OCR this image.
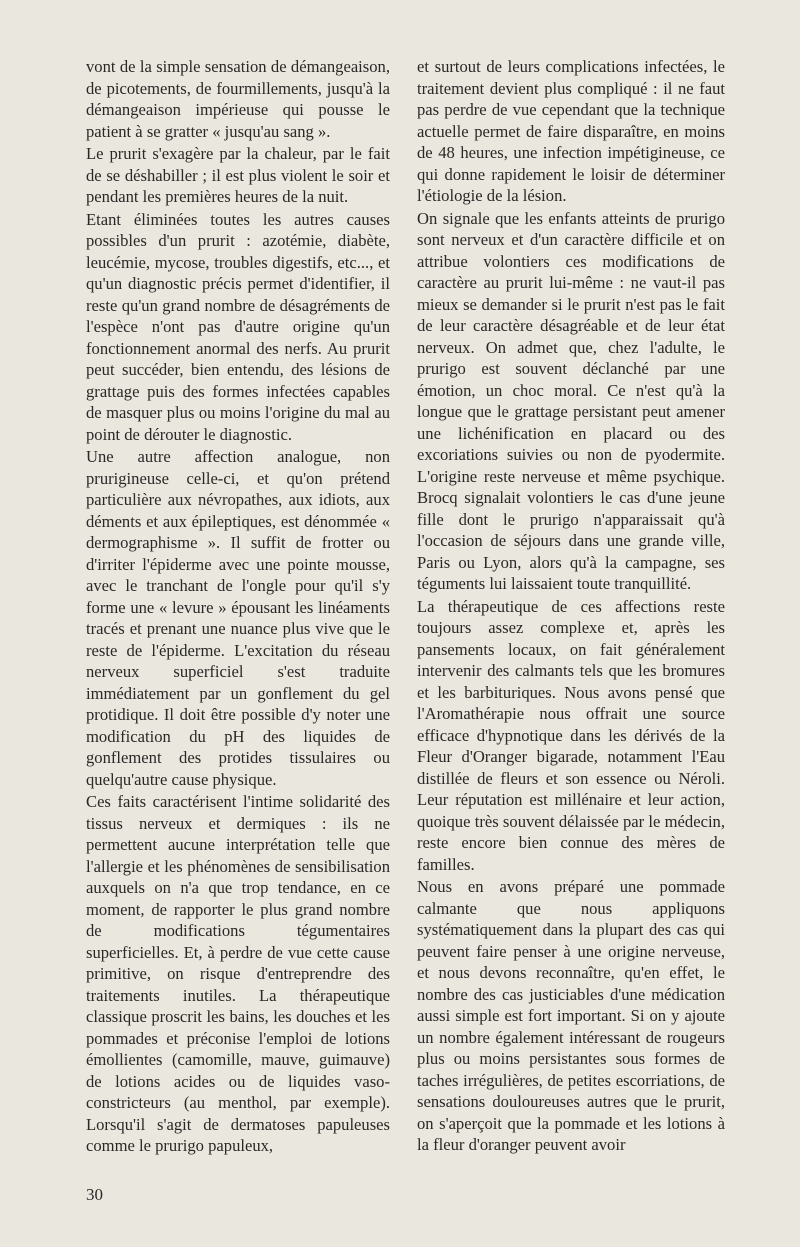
vont de la simple sensation de démangeaison, de picotements, de fourmillements, jusqu'à la démangeaison impérieuse qui pousse le patient à se gratter « jusqu'au sang ».

Le prurit s'exagère par la chaleur, par le fait de se déshabiller ; il est plus violent le soir et pendant les premières heures de la nuit.

Etant éliminées toutes les autres causes possibles d'un prurit : azotémie, diabète, leucémie, mycose, troubles digestifs, etc..., et qu'un diagnostic précis permet d'identifier, il reste qu'un grand nombre de désagréments de l'espèce n'ont pas d'autre origine qu'un fonctionnement anormal des nerfs. Au prurit peut succéder, bien entendu, des lésions de grattage puis des formes infectées capables de masquer plus ou moins l'origine du mal au point de dérouter le diagnostic.

Une autre affection analogue, non prurigineuse celle-ci, et qu'on prétend particulière aux névropathes, aux idiots, aux déments et aux épileptiques, est dénommée « dermographisme ». Il suffit de frotter ou d'irriter l'épiderme avec une pointe mousse, avec le tranchant de l'ongle pour qu'il s'y forme une « levure » épousant les linéaments tracés et prenant une nuance plus vive que le reste de l'épiderme. L'excitation du réseau nerveux superficiel s'est traduite immédiatement par un gonflement du gel protidique. Il doit être possible d'y noter une modification du pH des liquides de gonflement des protides tissulaires ou quelqu'autre cause physique.

Ces faits caractérisent l'intime solidarité des tissus nerveux et dermiques : ils ne permettent aucune interprétation telle que l'allergie et les phénomènes de sensibilisation auxquels on n'a que trop tendance, en ce moment, de rapporter le plus grand nombre de modifications tégumentaires superficielles. Et, à perdre de vue cette cause primitive, on risque d'entreprendre des traitements inutiles. La thérapeutique classique proscrit les bains, les douches et les pommades et préconise l'emploi de lotions émollientes (camomille, mauve, guimauve) de lotions acides ou de liquides vaso-constricteurs (au menthol, par exemple). Lorsqu'il s'agit de dermatoses papuleuses comme le prurigo papuleux,

et surtout de leurs complications infectées, le traitement devient plus compliqué : il ne faut pas perdre de vue cependant que la technique actuelle permet de faire disparaître, en moins de 48 heures, une infection impétigineuse, ce qui donne rapidement le loisir de déterminer l'étiologie de la lésion.

On signale que les enfants atteints de prurigo sont nerveux et d'un caractère difficile et on attribue volontiers ces modifications de caractère au prurit lui-même : ne vaut-il pas mieux se demander si le prurit n'est pas le fait de leur caractère désagréable et de leur état nerveux. On admet que, chez l'adulte, le prurigo est souvent déclanché par une émotion, un choc moral. Ce n'est qu'à la longue que le grattage persistant peut amener une lichénification en placard ou des excoriations suivies ou non de pyodermite. L'origine reste nerveuse et même psychique. Brocq signalait volontiers le cas d'une jeune fille dont le prurigo n'apparaissait qu'à l'occasion de séjours dans une grande ville, Paris ou Lyon, alors qu'à la campagne, ses téguments lui laissaient toute tranquillité.

La thérapeutique de ces affections reste toujours assez complexe et, après les pansements locaux, on fait généralement intervenir des calmants tels que les bromures et les barbituriques. Nous avons pensé que l'Aromathérapie nous offrait une source efficace d'hypnotique dans les dérivés de la Fleur d'Oranger bigarade, notamment l'Eau distillée de fleurs et son essence ou Néroli. Leur réputation est millénaire et leur action, quoique très souvent délaissée par le médecin, reste encore bien connue des mères de familles.

Nous en avons préparé une pommade calmante que nous appliquons systématiquement dans la plupart des cas qui peuvent faire penser à une origine nerveuse, et nous devons reconnaître, qu'en effet, le nombre des cas justiciables d'une médication aussi simple est fort important. Si on y ajoute un nombre également intéressant de rougeurs plus ou moins persistantes sous formes de taches irrégulières, de petites escorriations, de sensations douloureuses autres que le prurit, on s'aperçoit que la pommade et les lotions à la fleur d'oranger peuvent avoir

30
